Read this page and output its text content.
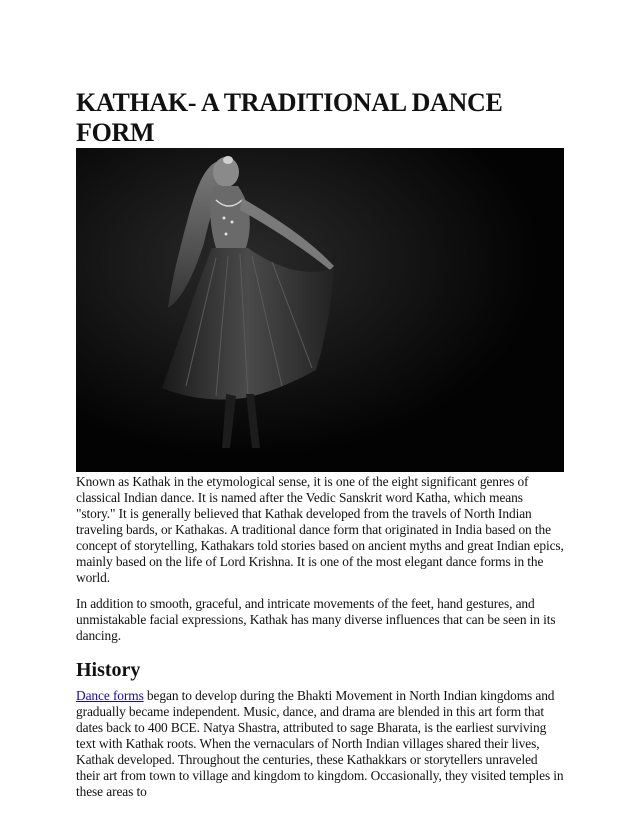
KATHAK- A TRADITIONAL DANCE FORM

Known as Kathak in the etymological sense, it is one of the eight significant genres of classical Indian dance. It is named after the Vedic Sanskrit word Katha, which means "story." It is generally believed that Kathak developed from the travels of North Indian traveling bards, or Kathakas. A traditional dance form that originated in India based on the concept of storytelling, Kathakars told stories based on ancient myths and great Indian epics, mainly based on the life of Lord Krishna. It is one of the most elegant dance forms in the world.

In addition to smooth, graceful, and intricate movements of the feet, hand gestures, and unmistakable facial expressions, Kathak has many diverse influences that can be seen in its dancing.

History

Dance forms began to develop during the Bhakti Movement in North Indian kingdoms and gradually became independent. Music, dance, and drama are blended in this art form that dates back to 400 BCE. Natya Shastra, attributed to sage Bharata, is the earliest surviving text with Kathak roots. When the vernaculars of North Indian villages shared their lives, Kathak developed. Throughout the centuries, these Kathakkars or storytellers unraveled their art from town to village and kingdom to kingdom. Occasionally, they visited temples in these areas to
